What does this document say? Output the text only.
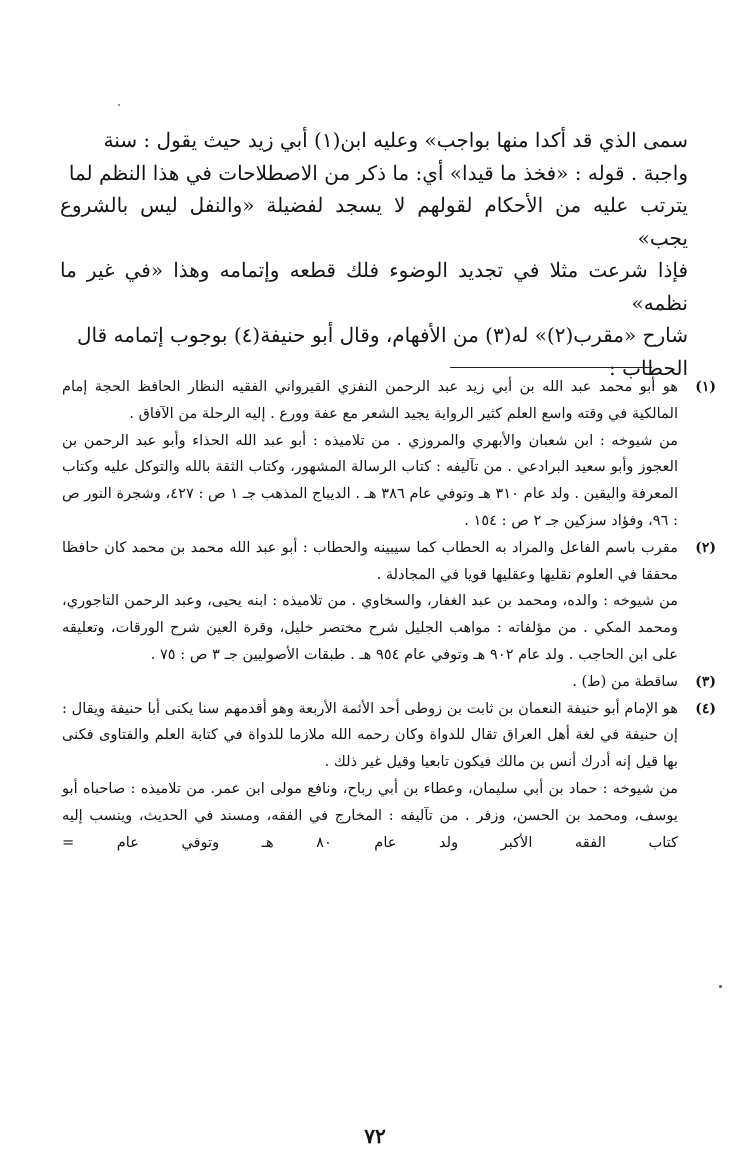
سمى الذي قد أكدا منها بواجب» وعليه ابن(١) أبي زيد حيث يقول : سنة

واجبة . قوله : «فخذ ما قيدا» أي: ما ذكر من الاصطلاحات في هذا النظم لما

يترتب عليه من الأحكام لقولهم لا يسجد لفضيلة «والنفل ليس بالشروع يجب»

فإذا شرعت مثلا في تجديد الوضوء فلك قطعه وإتمامه وهذا «في غير ما نظمه»

شارح «مقرب(٢)» له(٣) من الأفهام، وقال أبو حنيفة(٤) بوجوب إتمامه قال

الحطاب :

(١)

هو أبو محمد عبد الله بن أبي زيد عبد الرحمن النفزي القيرواني الفقيه النظار الحافظ الحجة إمام المالكية في وقته واسع العلم كثير الرواية يجيد الشعر مع عفة وورع . إليه الرحلة من الآفاق .

من شيوخه : ابن شعبان والأبهري والمروزي . من تلاميذه : أبو عبد الله الحذاء وأبو عبد الرحمن بن العجوز وأبو سعيد البرادعي . من تآليفه : كتاب الرسالة المشهور، وكتاب الثقة بالله والتوكل عليه وكتاب المعرفة واليقين . ولد عام ٣١٠ هـ وتوفي عام ٣٨٦ هـ . الديباج المذهب جـ ١ ص : ٤٢٧، وشجرة النور ص : ٩٦، وفؤاد سزكين جـ ٢ ص : ١٥٤ .

(٢)

مقرب باسم الفاعل والمراد به الحطاب كما سيبينه والحطاب : أبو عبد الله محمد بن محمد كان حافظا محققا في العلوم نقليها وعقليها قويا في المجادلة .

من شيوخه : والده، ومحمد بن عبد الغفار، والسخاوي . من تلاميذه : ابنه يحيى، وعبد الرحمن التاجوري، ومحمد المكي . من مؤلفاته : مواهب الجليل شرح مختصر خليل، وقرة العين شرح الورقات، وتعليقه على ابن الحاجب . ولد عام ٩٠٢ هـ وتوفي عام ٩٥٤ هـ . طبقات الأصوليين جـ ٣ ص : ٧٥ .

(٣)

ساقطة من (ط) .

(٤)

هو الإمام أبو حنيفة النعمان بن ثابت بن زوطى أحد الأئمة الأربعة وهو أقدمهم سنا يكنى أبا حنيفة ويقال : إن حنيفة في لغة أهل العراق تقال للدواة وكان رحمه الله ملازما للدواة في كتابة العلم والفتاوى فكنى بها قيل إنه أدرك أنس بن مالك فيكون تابعيا وقيل غير ذلك .

من شيوخه : حماد بن أبي سليمان، وعطاء بن أبي رباح، ونافع مولى ابن عمر. من تلاميذه : صاحباه أبو يوسف، ومحمد بن الحسن، وزفر . من تآليفه : المخارج في الفقه، ومسند في الحديث، وينسب إليه كتاب الفقه الأكبر ولد عام ٨٠ هـ وتوفي عام =

٧٢
